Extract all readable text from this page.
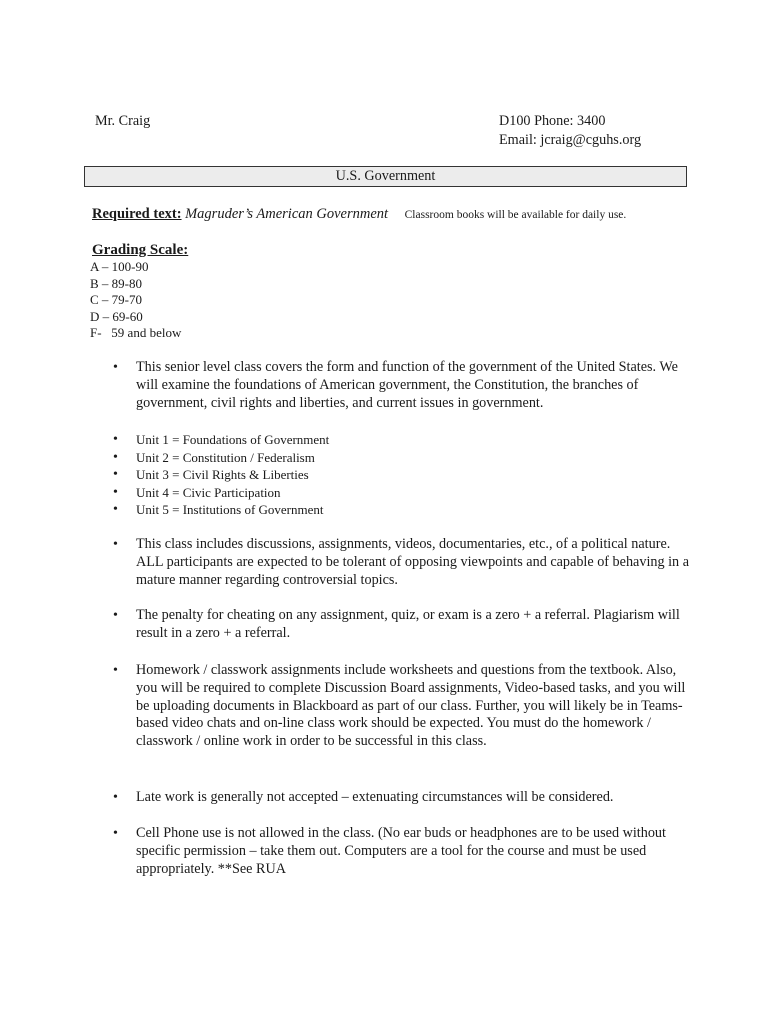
Mr. Craig	D100 Phone: 3400
Email: jcraig@cguhs.org
U.S. Government
Required text: Magruder’s American Government Classroom books will be available for daily use.
Grading Scale:
A – 100-90
B – 89-80
C – 79-70
D – 69-60
F-   59 and below
• This senior level class covers the form and function of the government of the United States. We will examine the foundations of American government, the Constitution, the branches of government, civil rights and liberties, and current issues in government.
• Unit 1 = Foundations of Government
• Unit 2 = Constitution / Federalism
• Unit 3 = Civil Rights & Liberties
• Unit 4 = Civic Participation
• Unit 5 = Institutions of Government
• This class includes discussions, assignments, videos, documentaries, etc., of a political nature. ALL participants are expected to be tolerant of opposing viewpoints and capable of behaving in a mature manner regarding controversial topics.
• The penalty for cheating on any assignment, quiz, or exam is a zero + a referral. Plagiarism will result in a zero + a referral.
• Homework / classwork assignments include worksheets and questions from the textbook. Also, you will be required to complete Discussion Board assignments, Video-based tasks, and you will be uploading documents in Blackboard as part of our class. Further, you will likely be in Teams-based video chats and on-line class work should be expected. You must do the homework / classwork / online work in order to be successful in this class.
• Late work is generally not accepted – extenuating circumstances will be considered.
• Cell Phone use is not allowed in the class. (No ear buds or headphones are to be used without specific permission – take them out. Computers are a tool for the course and must be used appropriately. **See RUA
